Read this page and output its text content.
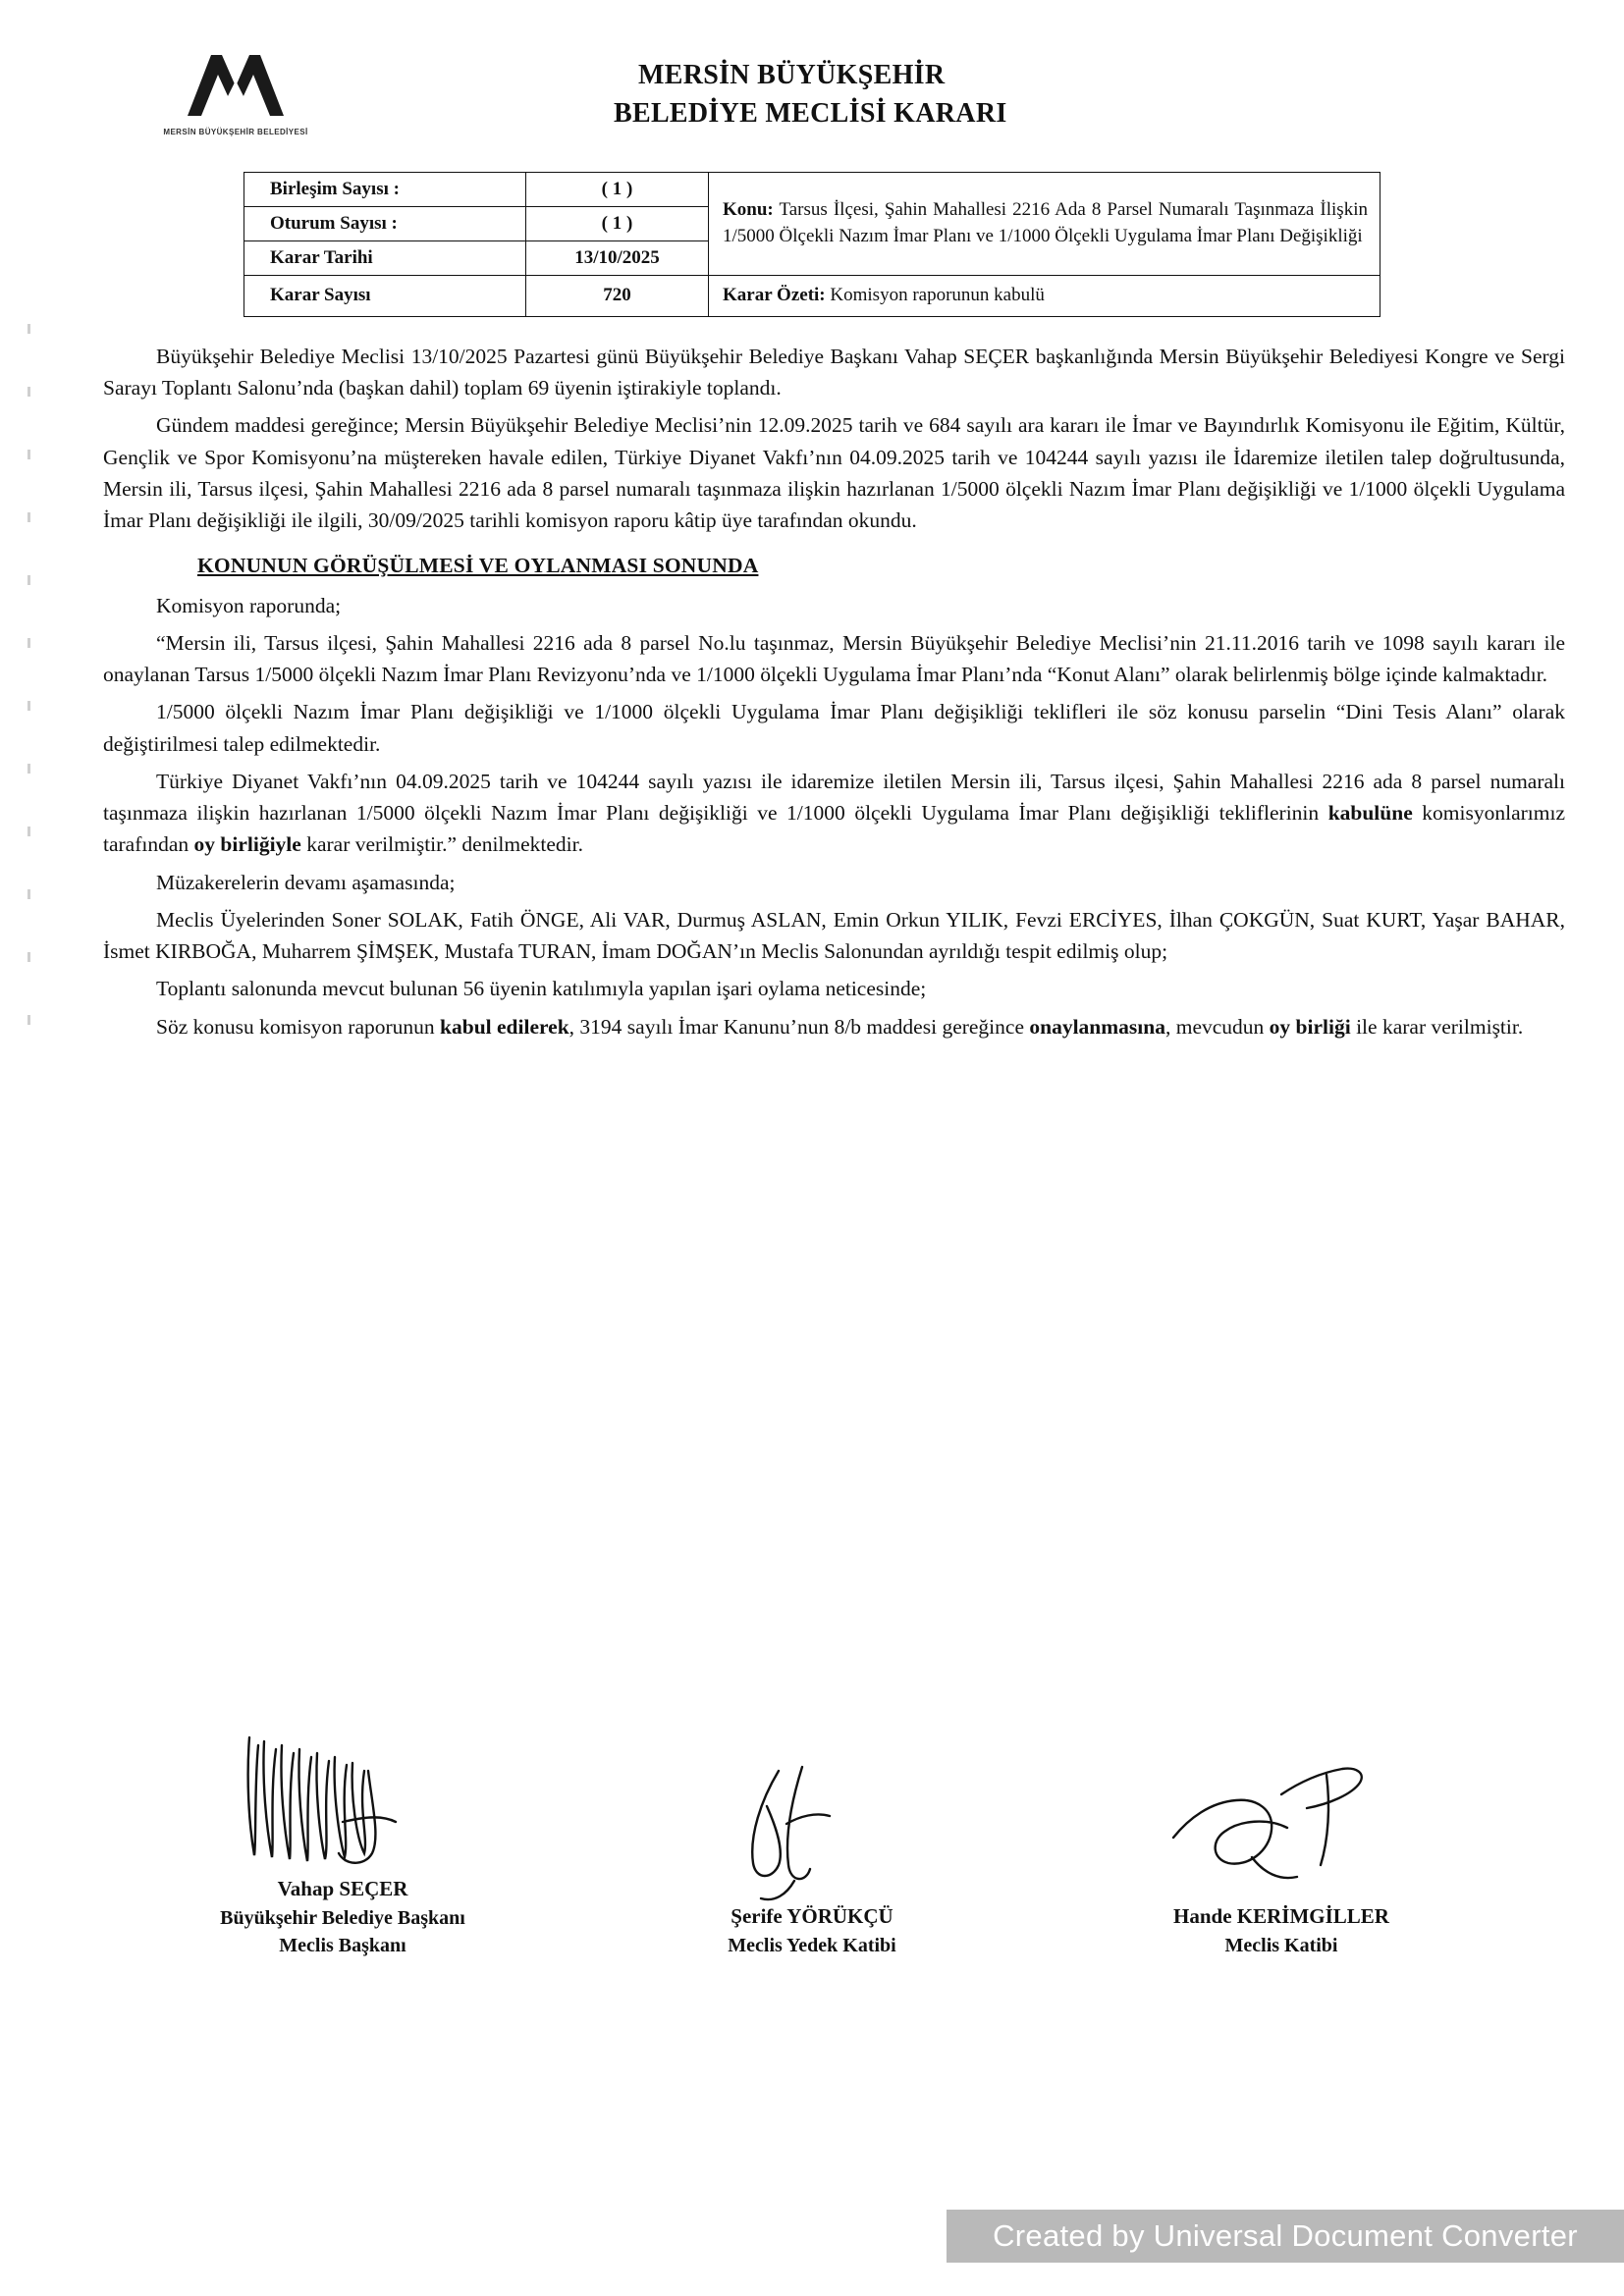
MERSİN BÜYÜKŞEHİR BELEDİYESİ
MERSİN BÜYÜKŞEHİR
BELEDİYE MECLİSİ KARARI
Birleşim Sayısı :	( 1 )	Konu: Tarsus İlçesi, Şahin Mahallesi 2216 Ada 8 Parsel Numaralı Taşınmaza İlişkin 1/5000 Ölçekli Nazım İmar Planı ve 1/1000 Ölçekli Uygulama İmar Planı Değişikliği
Oturum Sayısı :	( 1 )	
Karar Tarihi	13/10/2025	
Karar Sayısı	720	Karar Özeti: Komisyon raporunun kabulü

Büyükşehir Belediye Meclisi 13/10/2025 Pazartesi günü Büyükşehir Belediye Başkanı Vahap SEÇER başkanlığında Mersin Büyükşehir Belediyesi Kongre ve Sergi Sarayı Toplantı Salonu’nda (başkan dahil) toplam 69 üyenin iştirakiyle toplandı.

Gündem maddesi gereğince; Mersin Büyükşehir Belediye Meclisi’nin 12.09.2025 tarih ve 684 sayılı ara kararı ile İmar ve Bayındırlık Komisyonu ile Eğitim, Kültür, Gençlik ve Spor Komisyonu’na müştereken havale edilen, Türkiye Diyanet Vakfı’nın 04.09.2025 tarih ve 104244 sayılı yazısı ile İdaremize iletilen talep doğrultusunda, Mersin ili, Tarsus ilçesi, Şahin Mahallesi 2216 ada 8 parsel numaralı taşınmaza ilişkin hazırlanan 1/5000 ölçekli Nazım İmar Planı değişikliği ve 1/1000 ölçekli Uygulama İmar Planı değişikliği ile ilgili, 30/09/2025 tarihli komisyon raporu kâtip üye tarafından okundu.

KONUNUN GÖRÜŞÜLMESİ VE OYLANMASI SONUNDA

Komisyon raporunda;

“Mersin ili, Tarsus ilçesi, Şahin Mahallesi 2216 ada 8 parsel No.lu taşınmaz, Mersin Büyükşehir Belediye Meclisi’nin 21.11.2016 tarih ve 1098 sayılı kararı ile onaylanan Tarsus 1/5000 ölçekli Nazım İmar Planı Revizyonu’nda ve 1/1000 ölçekli Uygulama İmar Planı’nda “Konut Alanı” olarak belirlenmiş bölge içinde kalmaktadır.

1/5000 ölçekli Nazım İmar Planı değişikliği ve 1/1000 ölçekli Uygulama İmar Planı değişikliği teklifleri ile söz konusu parselin “Dini Tesis Alanı” olarak değiştirilmesi talep edilmektedir.

Türkiye Diyanet Vakfı’nın 04.09.2025 tarih ve 104244 sayılı yazısı ile idaremize iletilen Mersin ili, Tarsus ilçesi, Şahin Mahallesi 2216 ada 8 parsel numaralı taşınmaza ilişkin hazırlanan 1/5000 ölçekli Nazım İmar Planı değişikliği ve 1/1000 ölçekli Uygulama İmar Planı değişikliği tekliflerinin kabulüne komisyonlarımız tarafından oy birliğiyle karar verilmiştir.” denilmektedir.

Müzakerelerin devamı aşamasında;

Meclis Üyelerinden Soner SOLAK, Fatih ÖNGE, Ali VAR, Durmuş ASLAN, Emin Orkun YILIK, Fevzi ERCİYES, İlhan ÇOKGÜN, Suat KURT, Yaşar BAHAR, İsmet KIRBOĞA, Muharrem ŞİMŞEK, Mustafa TURAN, İmam DOĞAN’ın Meclis Salonundan ayrıldığı tespit edilmiş olup;

Toplantı salonunda mevcut bulunan 56 üyenin katılımıyla yapılan işari oylama neticesinde;

Söz konusu komisyon raporunun kabul edilerek, 3194 sayılı İmar Kanunu’nun 8/b maddesi gereğince onaylanmasına, mevcudun oy birliği ile karar verilmiştir.

Vahap SEÇER
Büyükşehir Belediye Başkanı
Meclis Başkanı
Şerife YÖRÜKÇÜ
Meclis Yedek Katibi
Hande KERİMGİLLER
Meclis Katibi
Created by Universal Document Converter
